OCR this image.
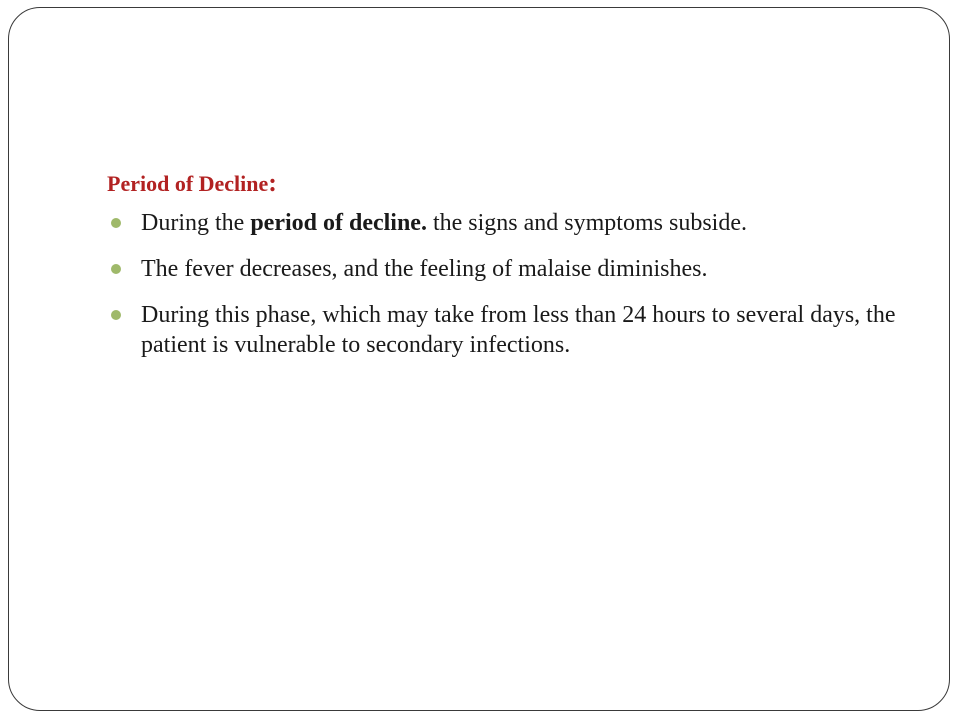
Period of Decline:
During the period of decline. the signs and symptoms subside.
The fever decreases, and the feeling of malaise diminishes.
During this phase, which may take from less than 24 hours to several days, the patient is vulnerable to secondary infections.
